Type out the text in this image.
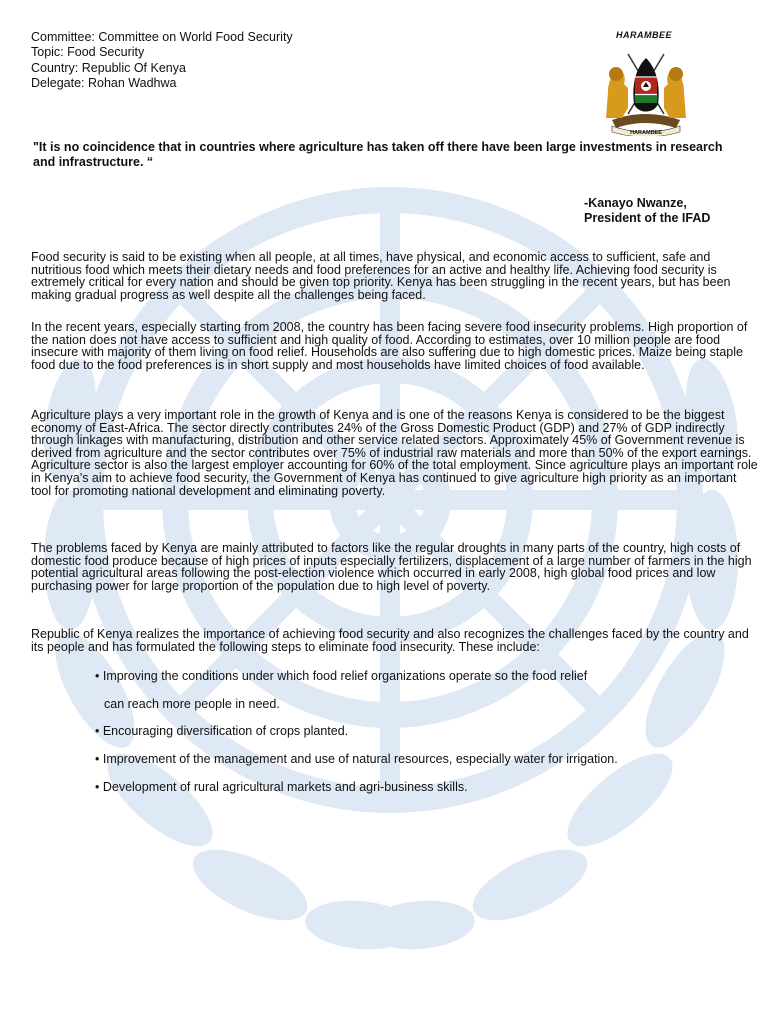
Committee: Committee on World Food Security
Topic: Food Security
Country: Republic Of Kenya
Delegate: Rohan Wadhwa
HARAMBEE
HARAMBEE
"It is no coincidence that in countries where agriculture has taken off there have been large investments in research and infrastructure. “
-Kanayo Nwanze,
President of the IFAD

Food security is said to be existing when all people, at all times, have physical, and economic access to sufficient, safe and nutritious food which meets their dietary needs and food preferences for an active and healthy life. Achieving food security is extremely critical for every nation and should be given top priority. Kenya has been struggling in the recent years, but has been making gradual progress as well despite all the challenges being faced.

In the recent years, especially starting from 2008, the country has been facing severe food insecurity problems. High proportion of the nation does not have access to sufficient and high quality of food. According to estimates, over 10 million people are food insecure with majority of them living on food relief. Households are also suffering due to high domestic prices. Maize being staple food due to the food preferences is in short supply and most households have limited choices of food available.

Agriculture plays a very important role in the growth of Kenya and is one of the reasons Kenya is considered to be the biggest economy of East-Africa. The sector directly contributes 24% of the Gross Domestic Product (GDP) and 27% of GDP indirectly through linkages with manufacturing, distribution and other service related sectors. Approximately 45% of Government revenue is derived from agriculture and the sector contributes over 75% of industrial raw materials and more than 50% of the export earnings. Agriculture sector is also the largest employer accounting for 60% of the total employment. Since agriculture plays an important role in Kenya’s aim to achieve food security, the Government of Kenya has continued to give agriculture high priority as an important tool for promoting national development and eliminating poverty.

The problems faced by Kenya are mainly attributed to factors like the regular droughts in many parts of the country, high costs of domestic food produce because of high prices of inputs especially fertilizers, displacement of a large number of farmers in the high potential agricultural areas following the post-election violence which occurred in early 2008, high global food prices and low purchasing power for large proportion of the population due to high level of poverty.

Republic of Kenya realizes the importance of achieving food security and also recognizes the challenges faced by the country and its people and has formulated the following steps to eliminate food insecurity. These include:

• Improving the conditions under which food relief organizations operate so the food relief
can reach more people in need.
• Encouraging diversification of crops planted.
• Improvement of the management and use of natural resources, especially water for irrigation.
• Development of rural agricultural markets and agri-business skills.
